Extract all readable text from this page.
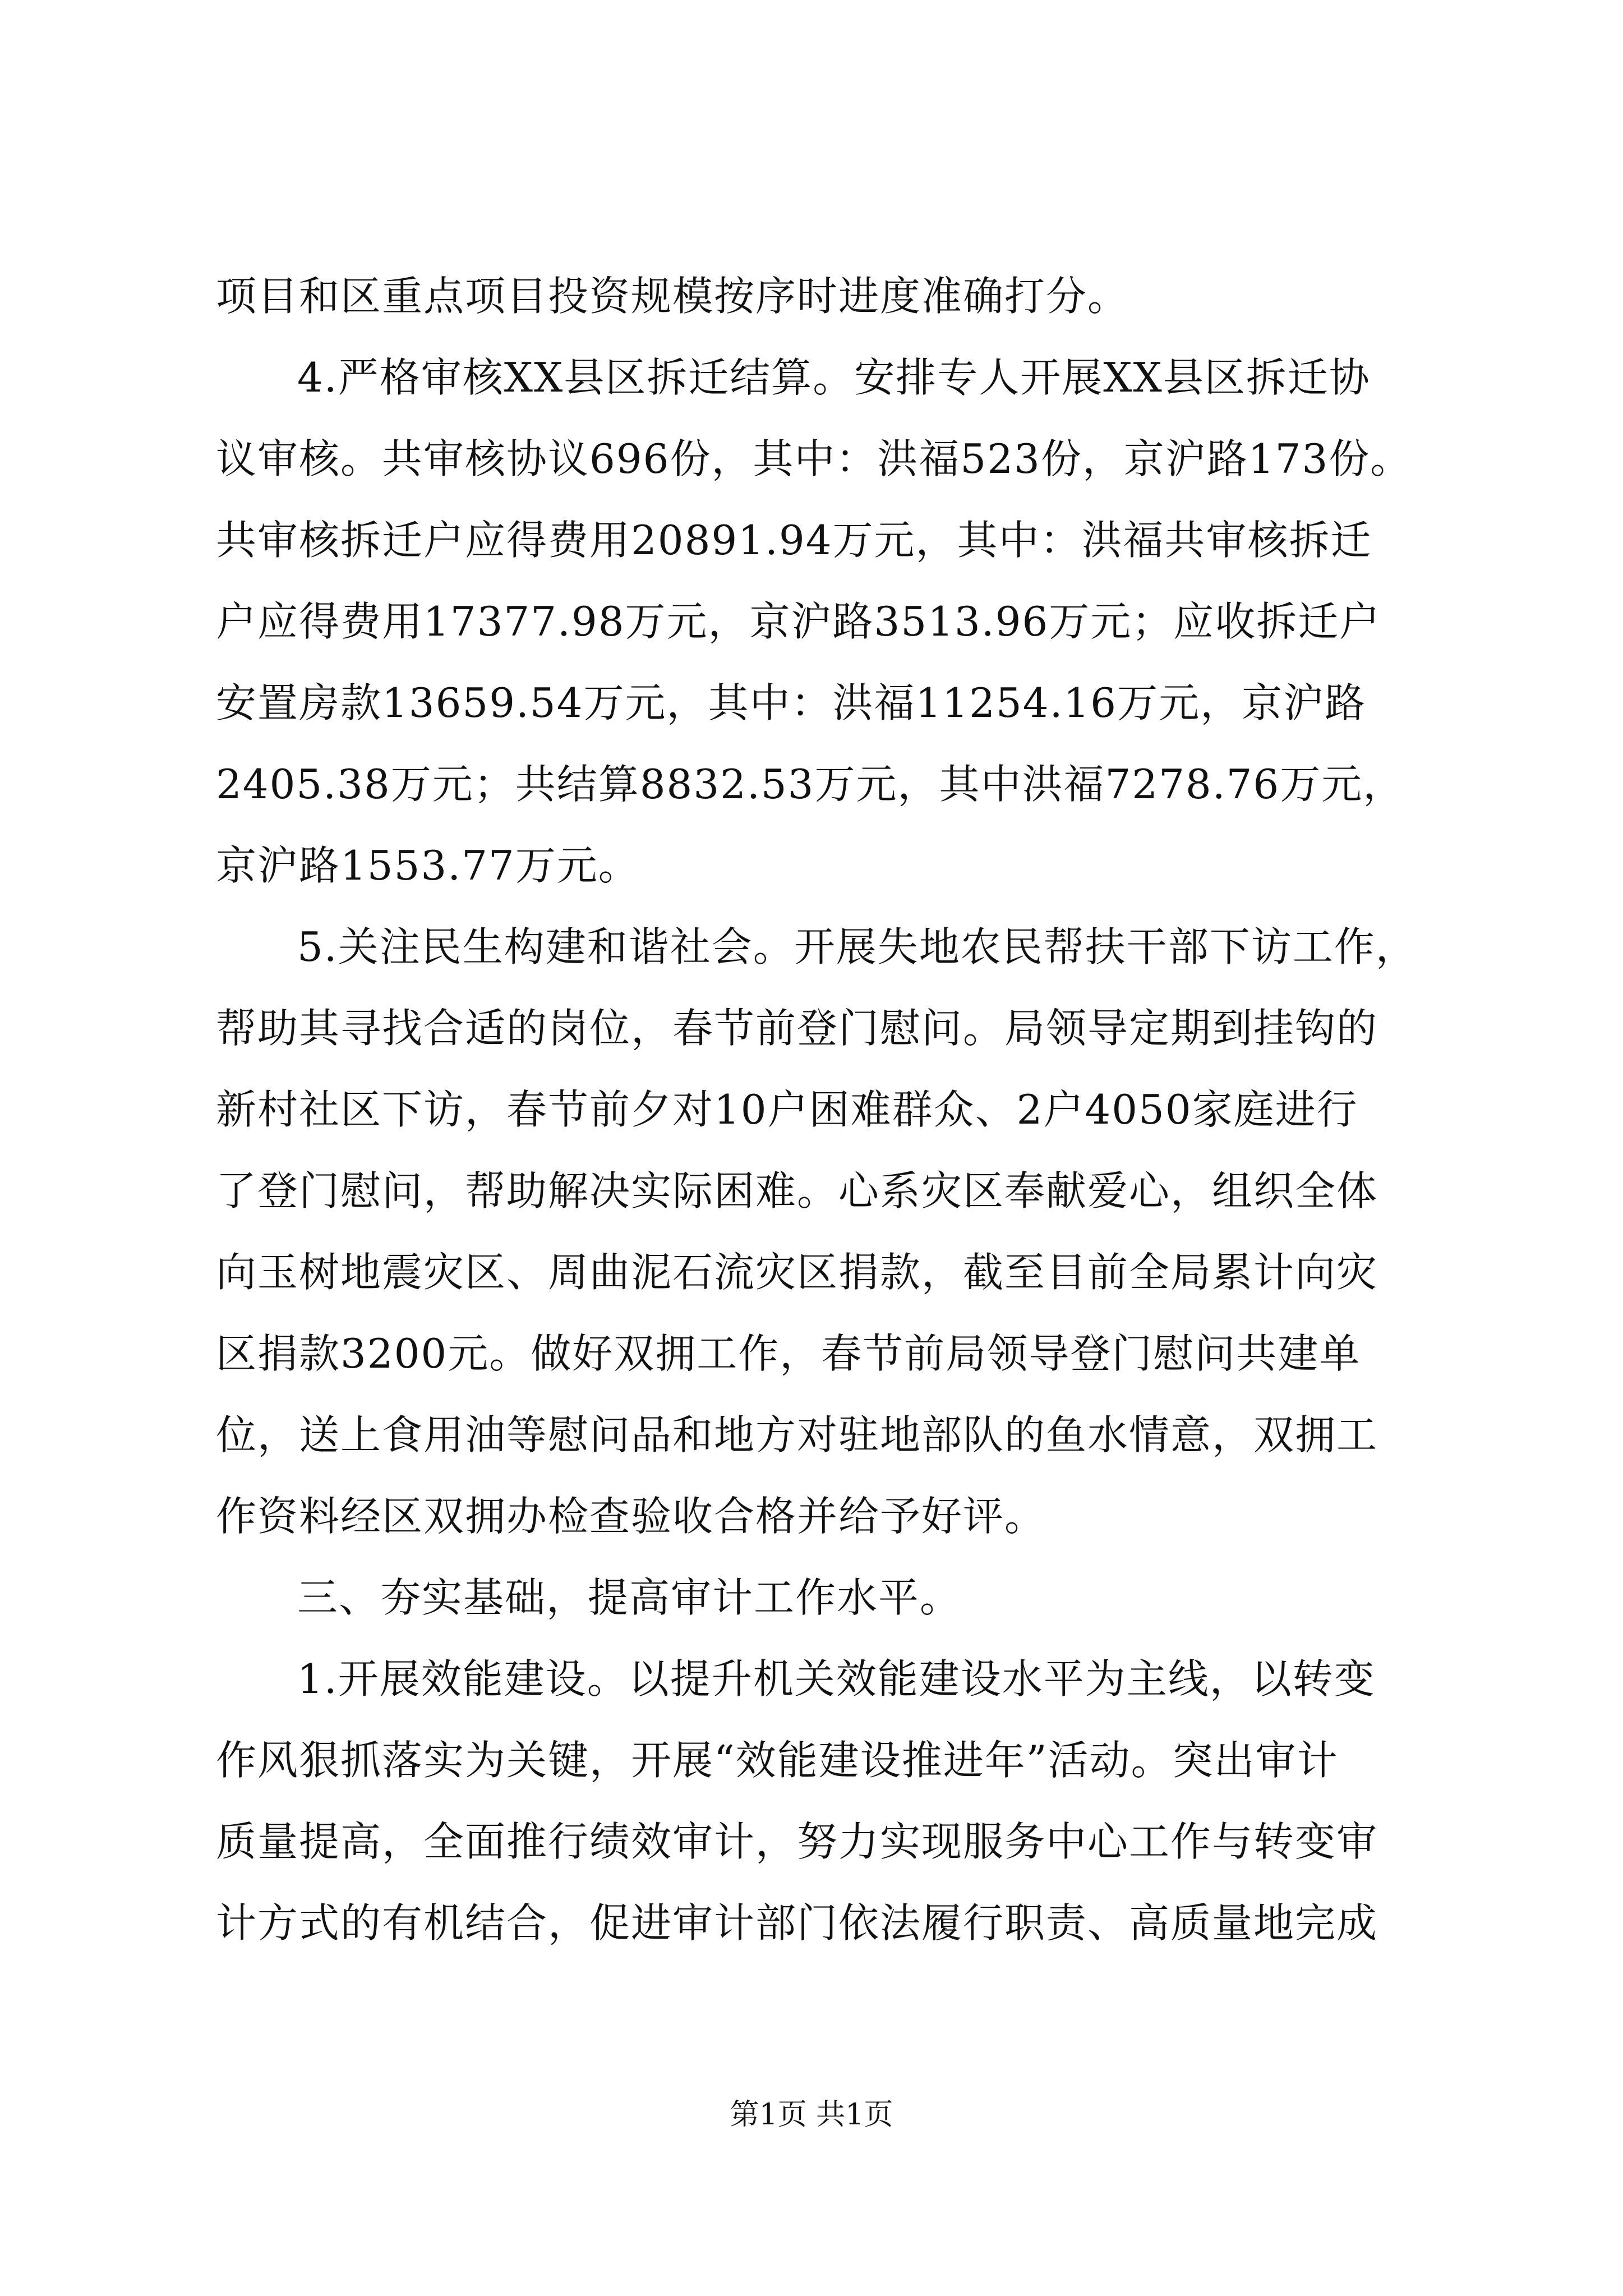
项目和区重点项目投资规模按序时进度准确打分。
4.严格审核XX县区拆迁结算。安排专人开展XX县区拆迁协
议审核。共审核协议696份，其中：洪福523份，京沪路173份。
共审核拆迁户应得费用20891.94万元，其中：洪福共审核拆迁
户应得费用17377.98万元，京沪路3513.96万元；应收拆迁户
安置房款13659.54万元，其中：洪福11254.16万元，京沪路
2405.38万元；共结算8832.53万元，其中洪福7278.76万元，
京沪路1553.77万元。
5.关注民生构建和谐社会。开展失地农民帮扶干部下访工作，
帮助其寻找合适的岗位，春节前登门慰问。局领导定期到挂钩的
新村社区下访，春节前夕对10户困难群众、2户4050家庭进行
了登门慰问，帮助解决实际困难。心系灾区奉献爱心，组织全体
向玉树地震灾区、周曲泥石流灾区捐款，截至目前全局累计向灾
区捐款3200元。做好双拥工作，春节前局领导登门慰问共建单
位，送上食用油等慰问品和地方对驻地部队的鱼水情意，双拥工
作资料经区双拥办检查验收合格并给予好评。
三、夯实基础，提高审计工作水平。
1.开展效能建设。以提升机关效能建设水平为主线，以转变
作风狠抓落实为关键，开展“效能建设推进年”活动。突出审计
质量提高，全面推行绩效审计，努力实现服务中心工作与转变审
计方式的有机结合，促进审计部门依法履行职责、高质量地完成
第1页 共1页
